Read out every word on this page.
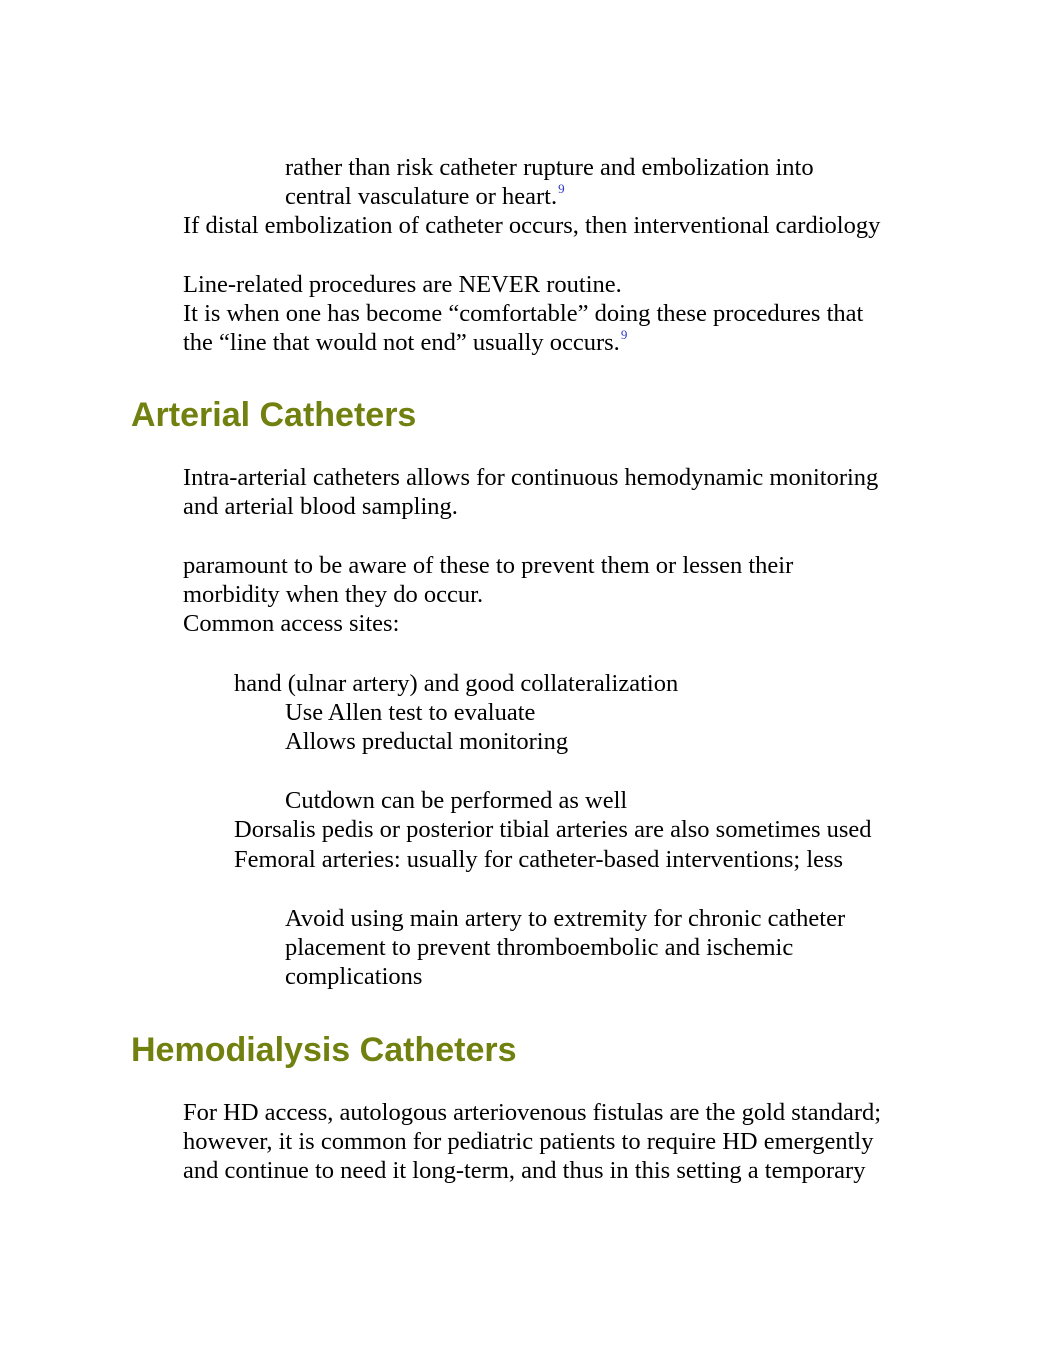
rather than risk catheter rupture and embolization into

central vasculature or heart.$^9$

If distal embolization of catheter occurs, then interventional cardiology

Line-related procedures are NEVER routine.

It is when one has become “comfortable” doing these procedures that

the “line that would not end” usually occurs.$^9$

Arterial Catheters

Intra-arterial catheters allows for continuous hemodynamic monitoring

and arterial blood sampling.

paramount to be aware of these to prevent them or lessen their

morbidity when they do occur.

Common access sites:

hand (ulnar artery) and good collateralization

Use Allen test to evaluate

Allows preductal monitoring

Cutdown can be performed as well

Dorsalis pedis or posterior tibial arteries are also sometimes used

Femoral arteries: usually for catheter-based interventions; less

Avoid using main artery to extremity for chronic catheter

placement to prevent thromboembolic and ischemic

complications

Hemodialysis Catheters

For HD access, autologous arteriovenous fistulas are the gold standard;

however, it is common for pediatric patients to require HD emergently

and continue to need it long-term, and thus in this setting a temporary
